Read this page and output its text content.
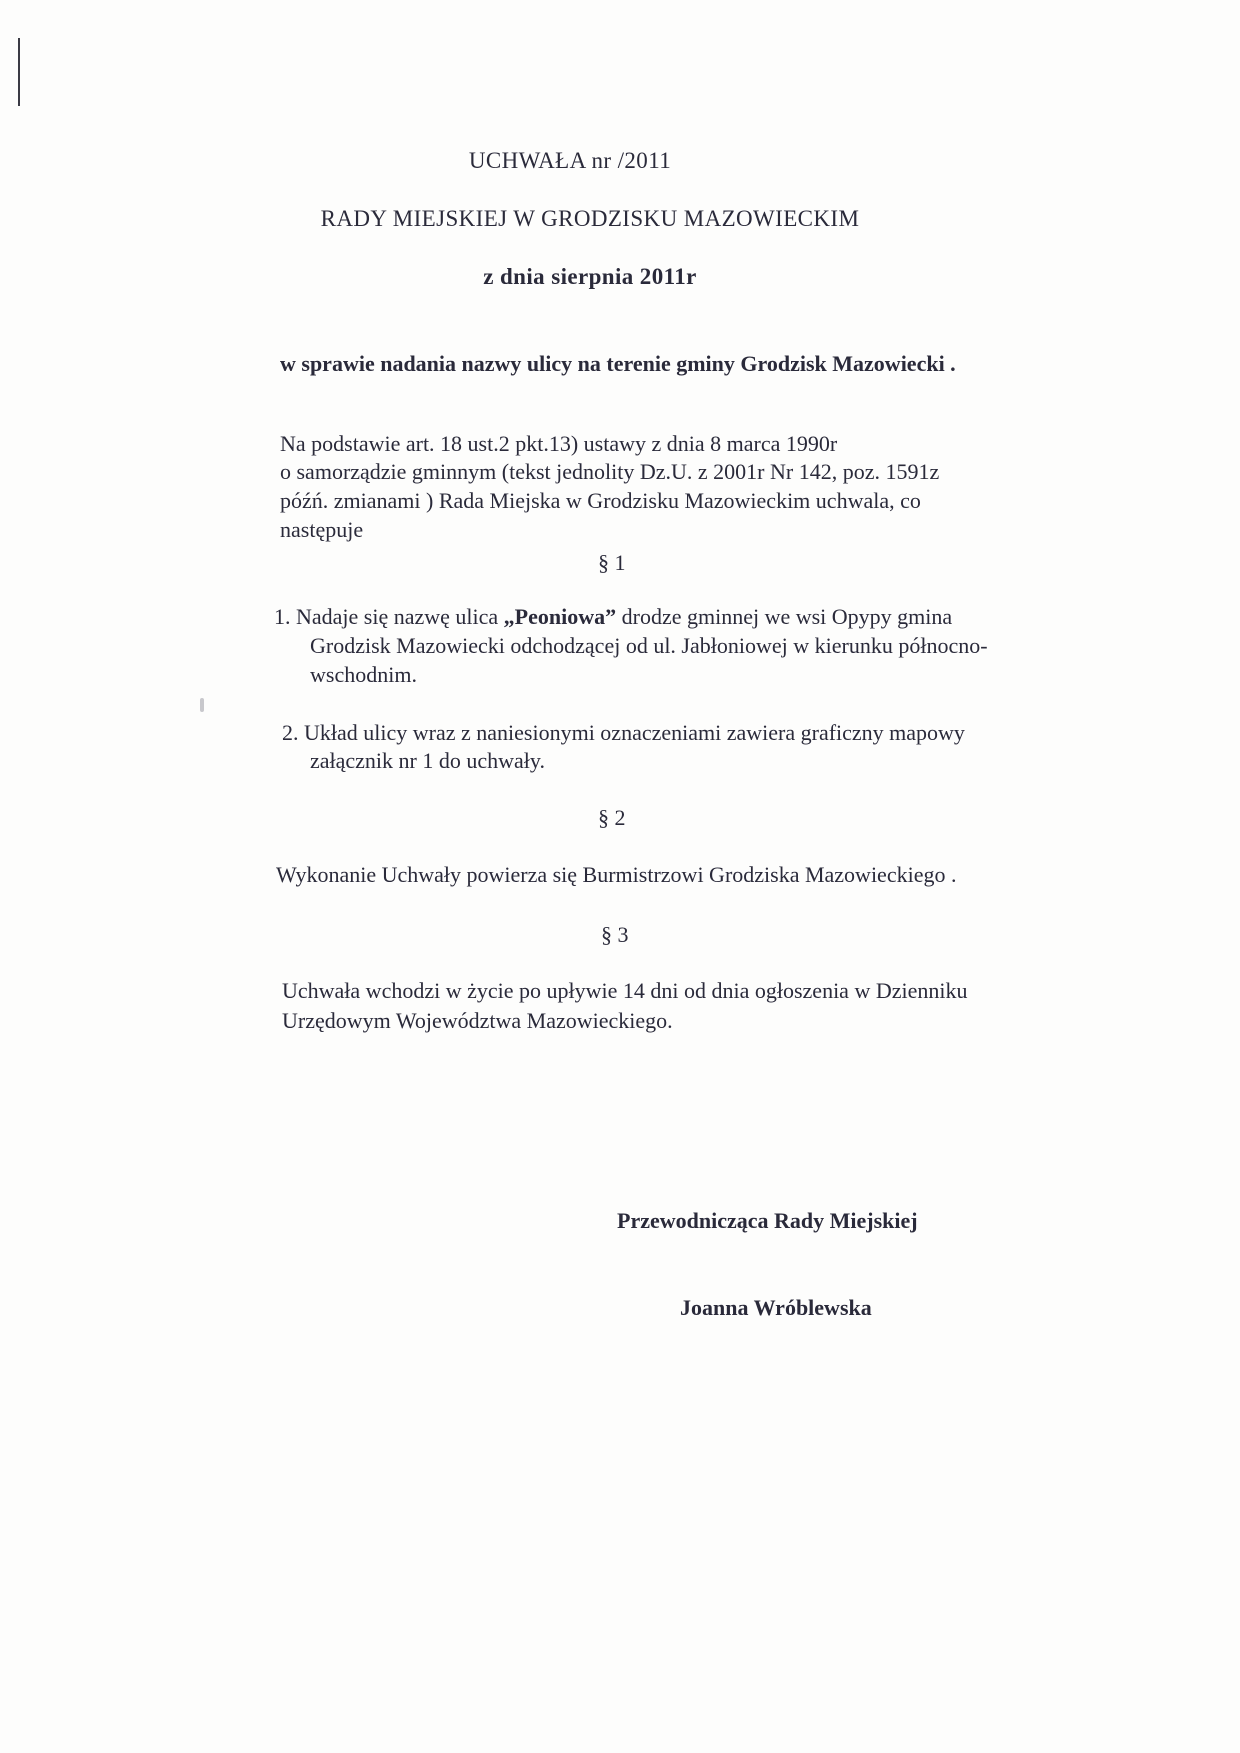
UCHWAŁA nr /2011
RADY MIEJSKIEJ W GRODZISKU MAZOWIECKIM
z dnia sierpnia 2011r
w sprawie nadania nazwy ulicy na terenie gminy Grodzisk Mazowiecki .
Na podstawie art. 18 ust.2 pkt.13) ustawy z dnia 8 marca 1990r
o samorządzie gminnym (tekst jednolity Dz.U. z 2001r Nr 142, poz. 1591z
późń. zmianami ) Rada Miejska w Grodzisku Mazowieckim uchwala, co
następuje
§ 1
1. Nadaje się nazwę ulica „Peoniowa” drodze gminnej we wsi Opypy gmina
Grodzisk Mazowiecki odchodzącej od ul. Jabłoniowej w kierunku północno-
wschodnim.
2. Układ ulicy wraz z naniesionymi oznaczeniami zawiera graficzny mapowy
załącznik nr 1 do uchwały.
§ 2
Wykonanie Uchwały powierza się Burmistrzowi Grodziska Mazowieckiego .
§ 3
Uchwała wchodzi w życie po upływie 14 dni od dnia ogłoszenia w Dzienniku
Urzędowym Województwa Mazowieckiego.
Przewodnicząca Rady Miejskiej
Joanna Wróblewska
